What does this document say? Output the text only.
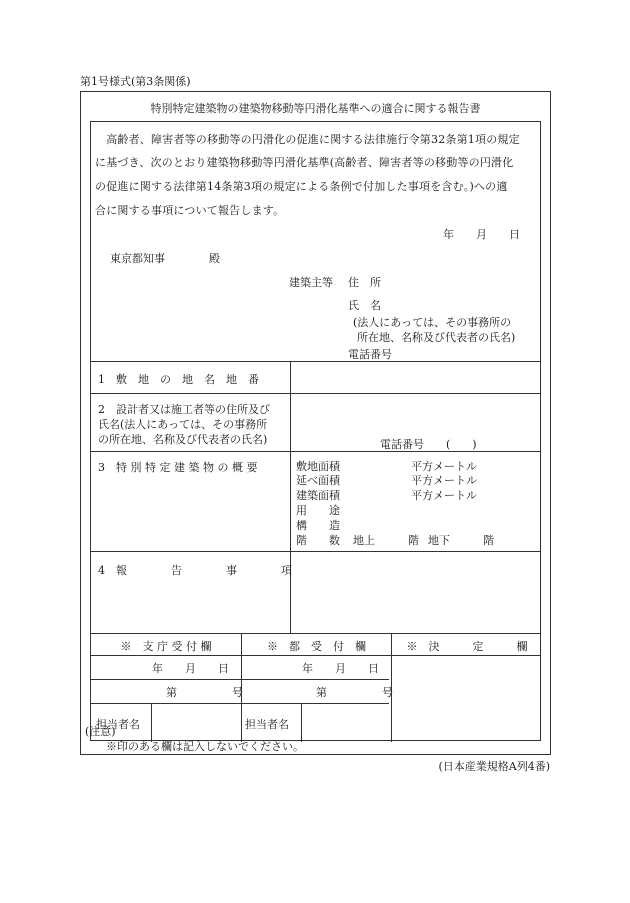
第1号様式(第3条関係)
特別特定建築物の建築物移動等円滑化基準への適合に関する報告書
　高齢者、障害者等の移動等の円滑化の促進に関する法律施行令第32条第1項の規定
に基づき、次のとおり建築物移動等円滑化基準(高齢者、障害者等の移動等の円滑化
の促進に関する法律第14条第3項の規定による条例で付加した事項を含む。)への適
合に関する事項について報告します。
年　　月　　日
東京都知事　　　　殿
建築主等 住　所
氏　名
(法人にあっては、その事務所の
所在地、名称及び代表者の氏名)
電話番号
1　敷　地　の　地　名　地　番
2　設計者又は施工者等の住所及び
氏名(法人にあっては、その事務所
の所在地、名称及び代表者の氏名)	電話番号　　(　　)
3　特 別 特 定 建 築 物 の 概 要	敷地面積	平方メートル
延べ面積	平方メートル
建築面積	平方メートル
用　　途
構　　造
階　　数 地上　　　階 地下　　　階
4　報　　　　告　　　　事　　　　項
※　支 庁 受 付 欄	※　都　受　付　欄	※　決　　　定　　　欄
年　　月　　日	年　　月　　日
第　　　　　号	第　　　　　号
担当者名	担当者名
(注意)
※印のある欄は記入しないでください。
(日本産業規格A列4番)
